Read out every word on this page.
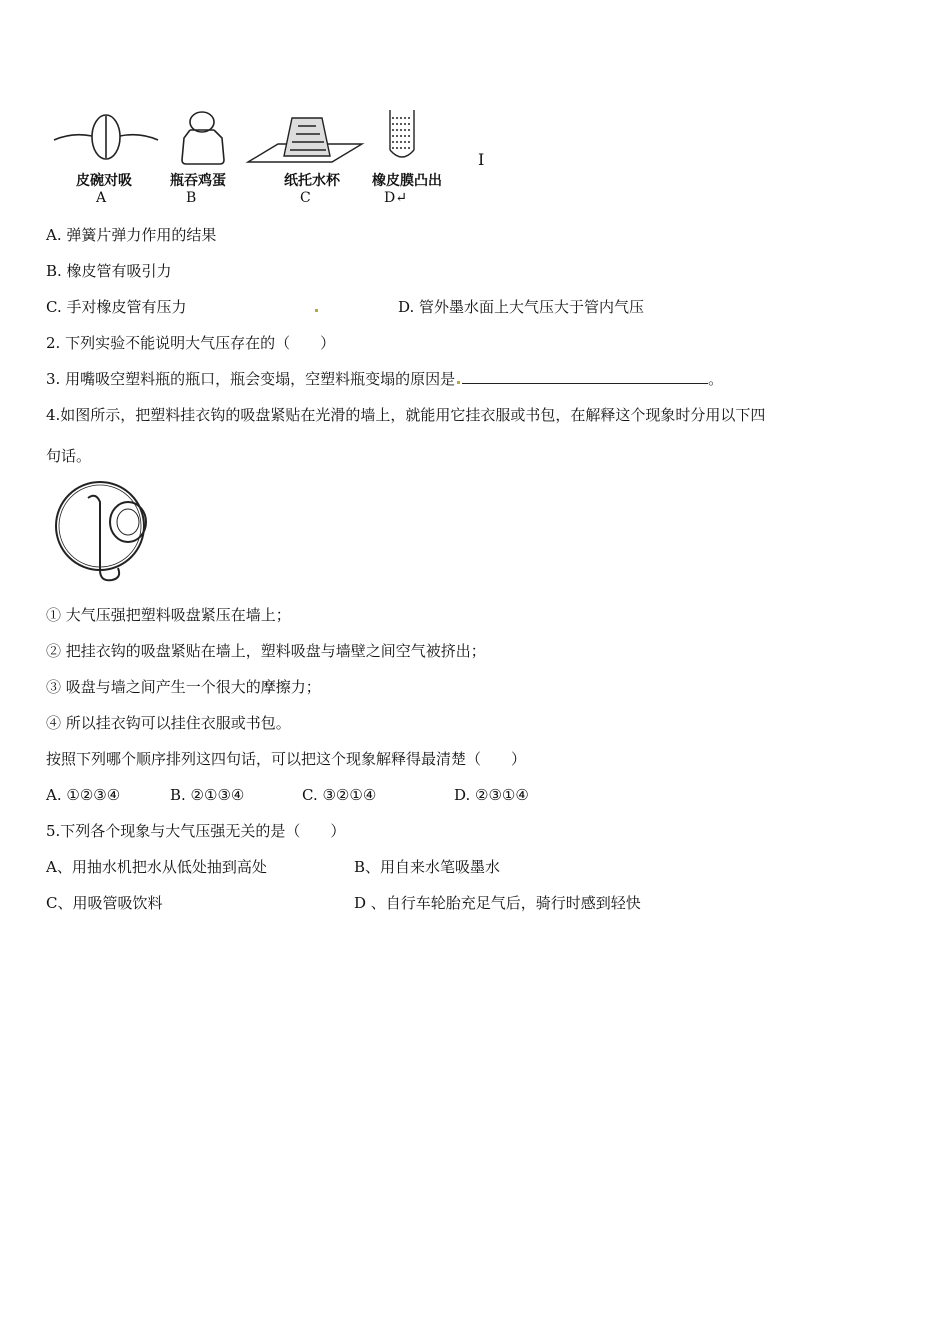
皮碗对吸	瓶吞鸡蛋	纸托水杯 橡皮膜凸出
A	B	C	D↵
I
A. 弹簧片弹力作用的结果
B. 橡皮管有吸引力
C. 手对橡皮管有压力	D. 管外墨水面上大气压大于管内气压
2. 下列实验不能说明大气压存在的（　　）
3. 用嘴吸空塑料瓶的瓶口，瓶会变塌，空塑料瓶变塌的原因是	。
4.如图所示，把塑料挂衣钩的吸盘紧贴在光滑的墙上，就能用它挂衣服或书包，在解释这个现象时分用以下四
句话。
① 大气压强把塑料吸盘紧压在墙上；
② 把挂衣钩的吸盘紧贴在墙上，塑料吸盘与墙壁之间空气被挤出；
③ 吸盘与墙之间产生一个很大的摩擦力；
④ 所以挂衣钩可以挂住衣服或书包。
按照下列哪个顺序排列这四句话，可以把这个现象解释得最清楚（　　）
A. ①②③④	B. ②①③④	C. ③②①④	D. ②③①④
5.下列各个现象与大气压强无关的是（　　）
A、用抽水机把水从低处抽到高处	B、用自来水笔吸墨水
C、用吸管吸饮料	D 、自行车轮胎充足气后，骑行时感到轻快
